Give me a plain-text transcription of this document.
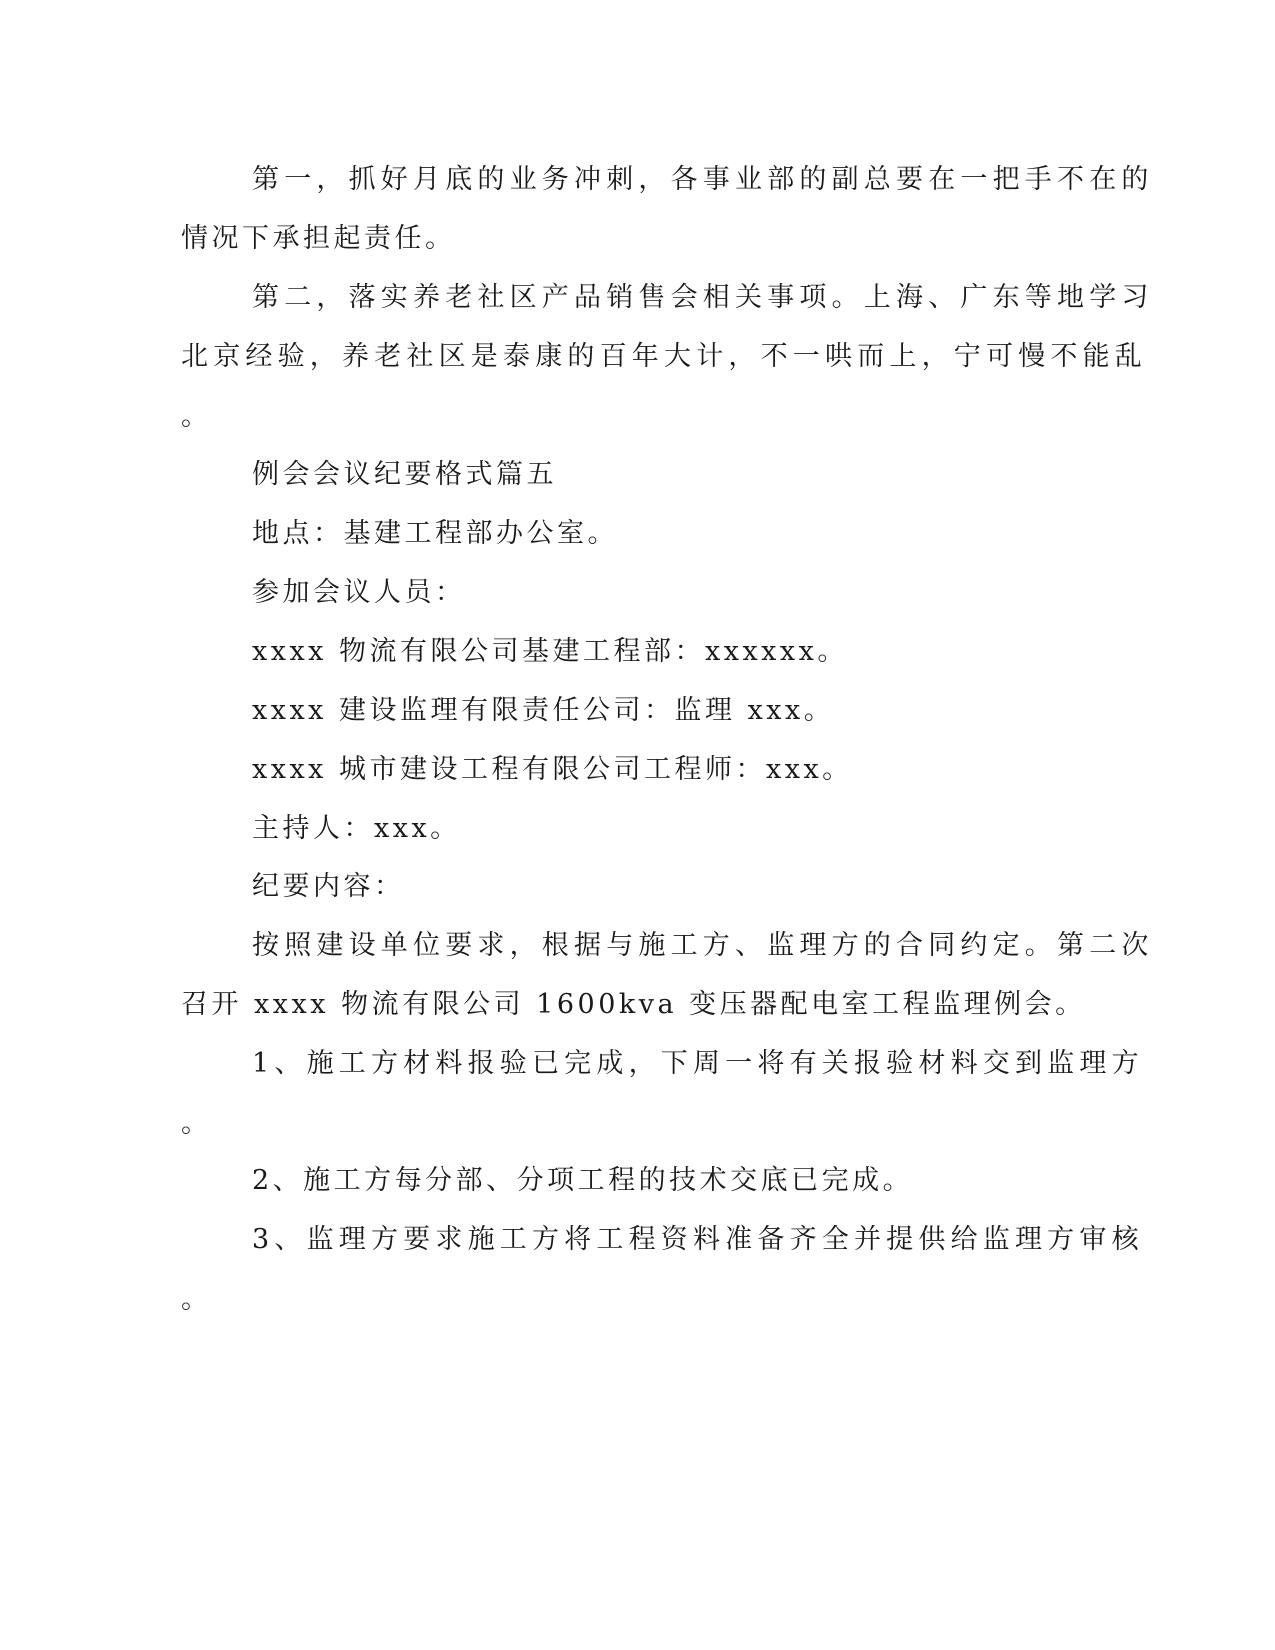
第一，抓好月底的业务冲刺，各事业部的副总要在一把手不在的

情况下承担起责任。

第二，落实养老社区产品销售会相关事项。上海、广东等地学习

北京经验，养老社区是泰康的百年大计，不一哄而上，宁可慢不能乱

。

例会会议纪要格式篇五

地点：基建工程部办公室。

参加会议人员：

xxxx 物流有限公司基建工程部：xxxxxx。

xxxx 建设监理有限责任公司：监理 xxx。

xxxx 城市建设工程有限公司工程师：xxx。

主持人：xxx。

纪要内容：

按照建设单位要求，根据与施工方、监理方的合同约定。第二次

召开 xxxx 物流有限公司 1600kva 变压器配电室工程监理例会。

1、施工方材料报验已完成，下周一将有关报验材料交到监理方

。

2、施工方每分部、分项工程的技术交底已完成。

3、监理方要求施工方将工程资料准备齐全并提供给监理方审核

。
